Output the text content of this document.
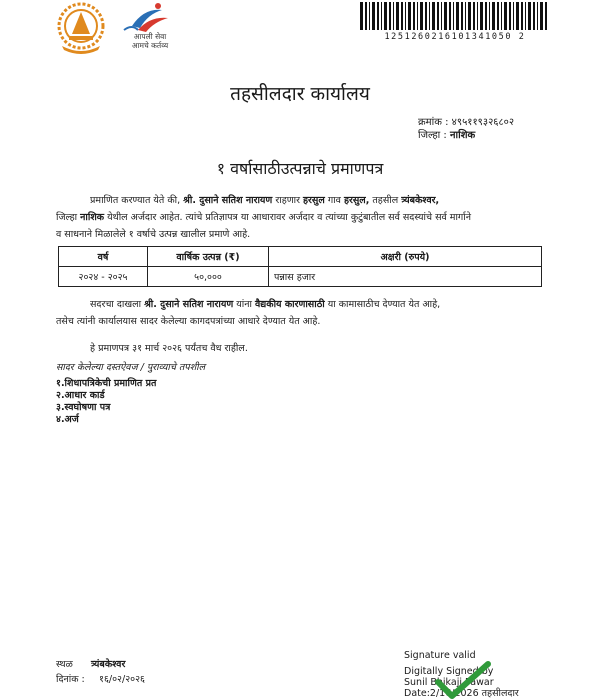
आपली सेवा
आमचे कर्तव्य
1251260216101341050 2
तहसीलदार कार्यालय
क्रमांक : ४९५११९३२६८०२
जिल्हा : नाशिक
१ वर्षासाठीउत्पन्नाचे प्रमाणपत्र
प्रमाणित करण्यात येते की, श्री. दुसाने सतिश नारायण राहणार हरसुल गाव हरसुल, तहसील त्र्यंबकेश्वर,
जिल्हा नाशिक येथील अर्जदार आहेत. त्यांचे प्रतिज्ञापत्र या आधारावर अर्जदार व त्यांच्या कुटुंबातील सर्व सदस्यांचे सर्व मार्गाने
व साधनाने मिळालेले १ वर्षाचे उत्पन्न खालील प्रमाणे आहे.
वर्ष	वार्षिक उत्पन्न (₹)	अक्षरी (रुपये)
२०२४ - २०२५	५०,०००	पन्नास हजार
सदरचा दाखला श्री. दुसाने सतिश नारायण यांना वैद्यकीय कारणासाठी या कामासाठीच देण्यात येत आहे,
तसेच त्यांनी कार्यालयास सादर केलेल्या कागदपत्रांच्या आधारे देण्यात येत आहे.
हे प्रमाणपत्र ३१ मार्च २०२६ पर्यंतच वैध राहील.
सादर केलेल्या दस्तऐवज / पुराव्याचे तपशील
१.शिधापत्रिकेची प्रमाणित प्रत
२.आधार कार्ड
३.स्वघोषणा पत्र
४.अर्ज
स्थळ त्र्यंबकेश्वर
दिनांक : १६/०२/२०२६
Signature valid
Digitally Signed by
Sunil Bhikaji Pawar
Date:2/16/2026 तहसीलदार
